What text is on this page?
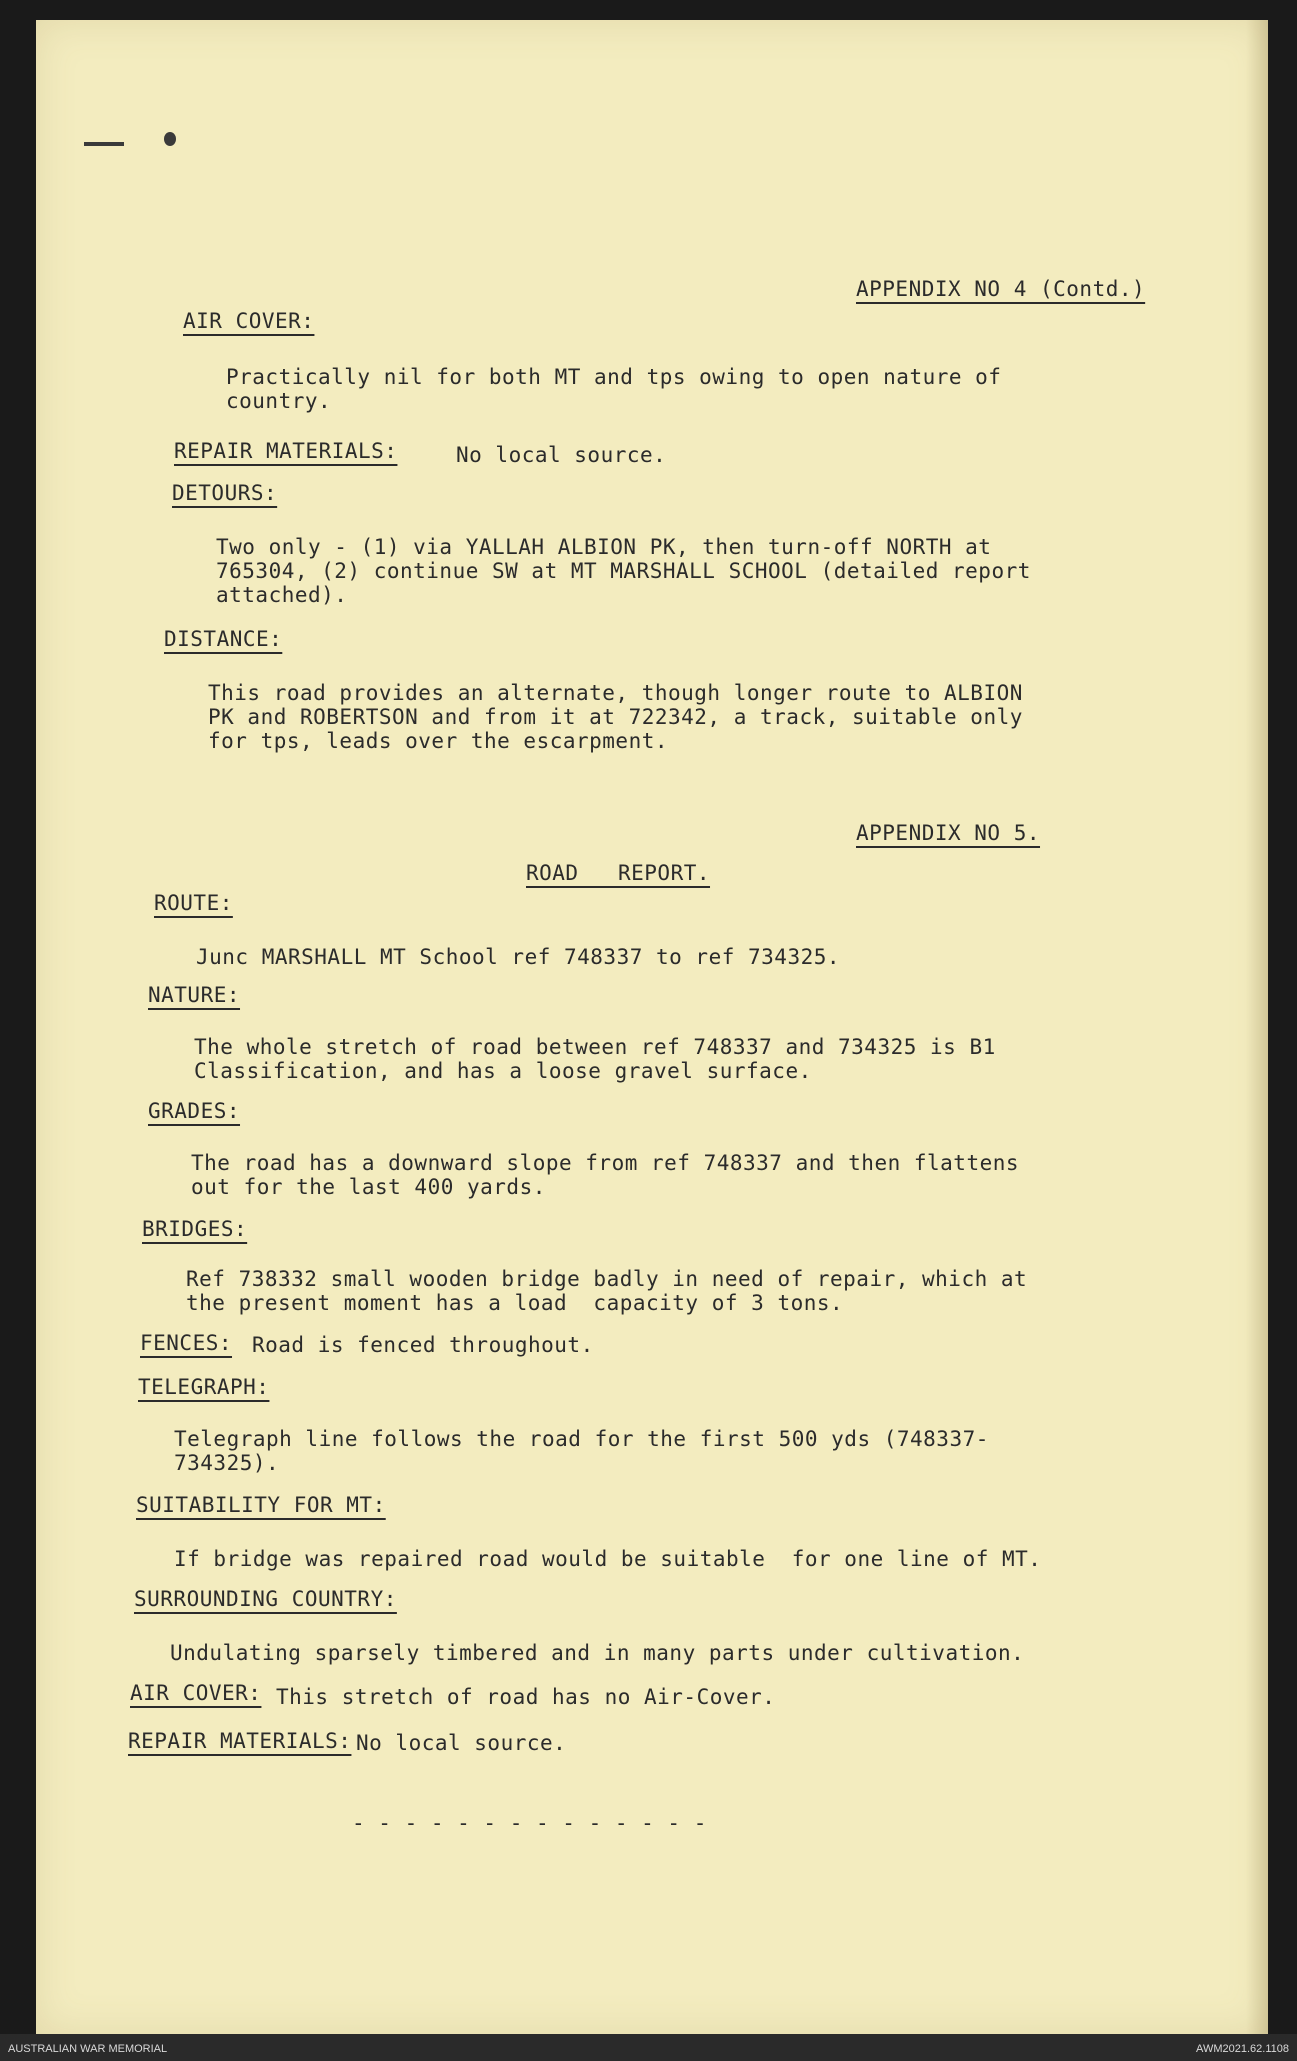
APPENDIX NO 4 (Contd.)
AIR COVER:
Practically nil for both MT and tps owing to open nature of
country.
REPAIR MATERIALS:	No local source.
DETOURS:
Two only - (1) via YALLAH ALBION PK, then turn-off NORTH at
765304, (2) continue SW at MT MARSHALL SCHOOL (detailed report
attached).
DISTANCE:
This road provides an alternate, though longer route to ALBION
PK and ROBERTSON and from it at 722342, a track, suitable only
for tps, leads over the escarpment.
APPENDIX NO 5.
ROAD   REPORT.
ROUTE:
Junc MARSHALL MT School ref 748337 to ref 734325.
NATURE:
The whole stretch of road between ref 748337 and 734325 is B1
Classification, and has a loose gravel surface.
GRADES:
The road has a downward slope from ref 748337 and then flattens
out for the last 400 yards.
BRIDGES:
Ref 738332 small wooden bridge badly in need of repair, which at
the present moment has a load  capacity of 3 tons.
FENCES: Road is fenced throughout.
TELEGRAPH:
Telegraph line follows the road for the first 500 yds (748337-
734325).
SUITABILITY FOR MT:
If bridge was repaired road would be suitable  for one line of MT.
SURROUNDING COUNTRY:
Undulating sparsely timbered and in many parts under cultivation.
AIR COVER: This stretch of road has no Air-Cover.
REPAIR MATERIALS: No local source.
- - - - - - - - - - - - - -
AUSTRALIAN WAR MEMORIAL	AWM2021.62.1108
